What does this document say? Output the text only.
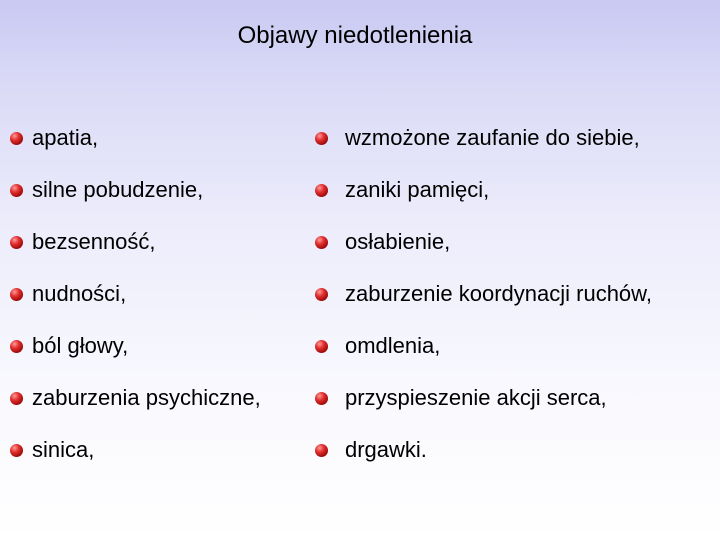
Objawy niedotlenienia
apatia,
silne pobudzenie,
bezsenność,
nudności,
ból głowy,
zaburzenia psychiczne,
sinica,
wzmożone zaufanie do siebie,
zaniki pamięci,
osłabienie,
zaburzenie koordynacji ruchów,
omdlenia,
przyspieszenie akcji serca,
drgawki.
